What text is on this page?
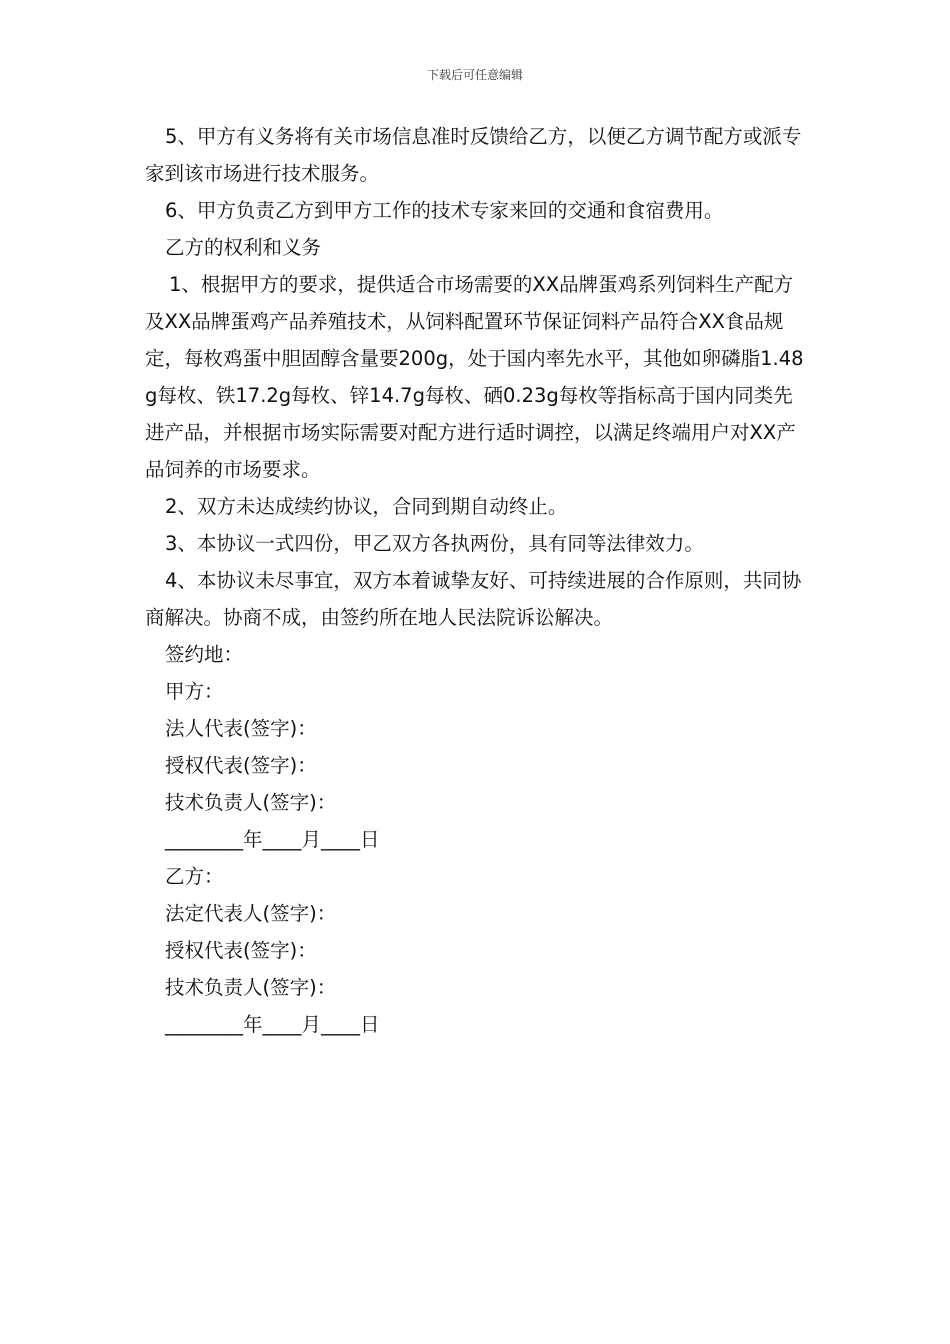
下载后可任意编辑

5、甲方有义务将有关市场信息准时反馈给乙方，以便乙方调节配方或派专家到该市场进行技术服务。

6、甲方负责乙方到甲方工作的技术专家来回的交通和食宿费用。

乙方的权利和义务

1、根据甲方的要求，提供适合市场需要的XX品牌蛋鸡系列饲料生产配方及XX品牌蛋鸡产品养殖技术，从饲料配置环节保证饲料产品符合XX食品规定，每枚鸡蛋中胆固醇含量要200g，处于国内率先水平，其他如卵磷脂1.48g每枚、铁17.2g每枚、锌14.7g每枚、硒0.23g每枚等指标高于国内同类先进产品，并根据市场实际需要对配方进行适时调控，以满足终端用户对XX产品饲养的市场要求。

2、双方未达成续约协议，合同到期自动终止。

3、本协议一式四份，甲乙双方各执两份，具有同等法律效力。

4、本协议未尽事宜，双方本着诚挚友好、可持续进展的合作原则，共同协商解决。协商不成，由签约所在地人民法院诉讼解决。

签约地：
甲方：
法人代表(签字)：
授权代表(签字)：
技术负责人(签字)：
________年____月____日
乙方：
法定代表人(签字)：
授权代表(签字)：
技术负责人(签字)：
________年____月____日
